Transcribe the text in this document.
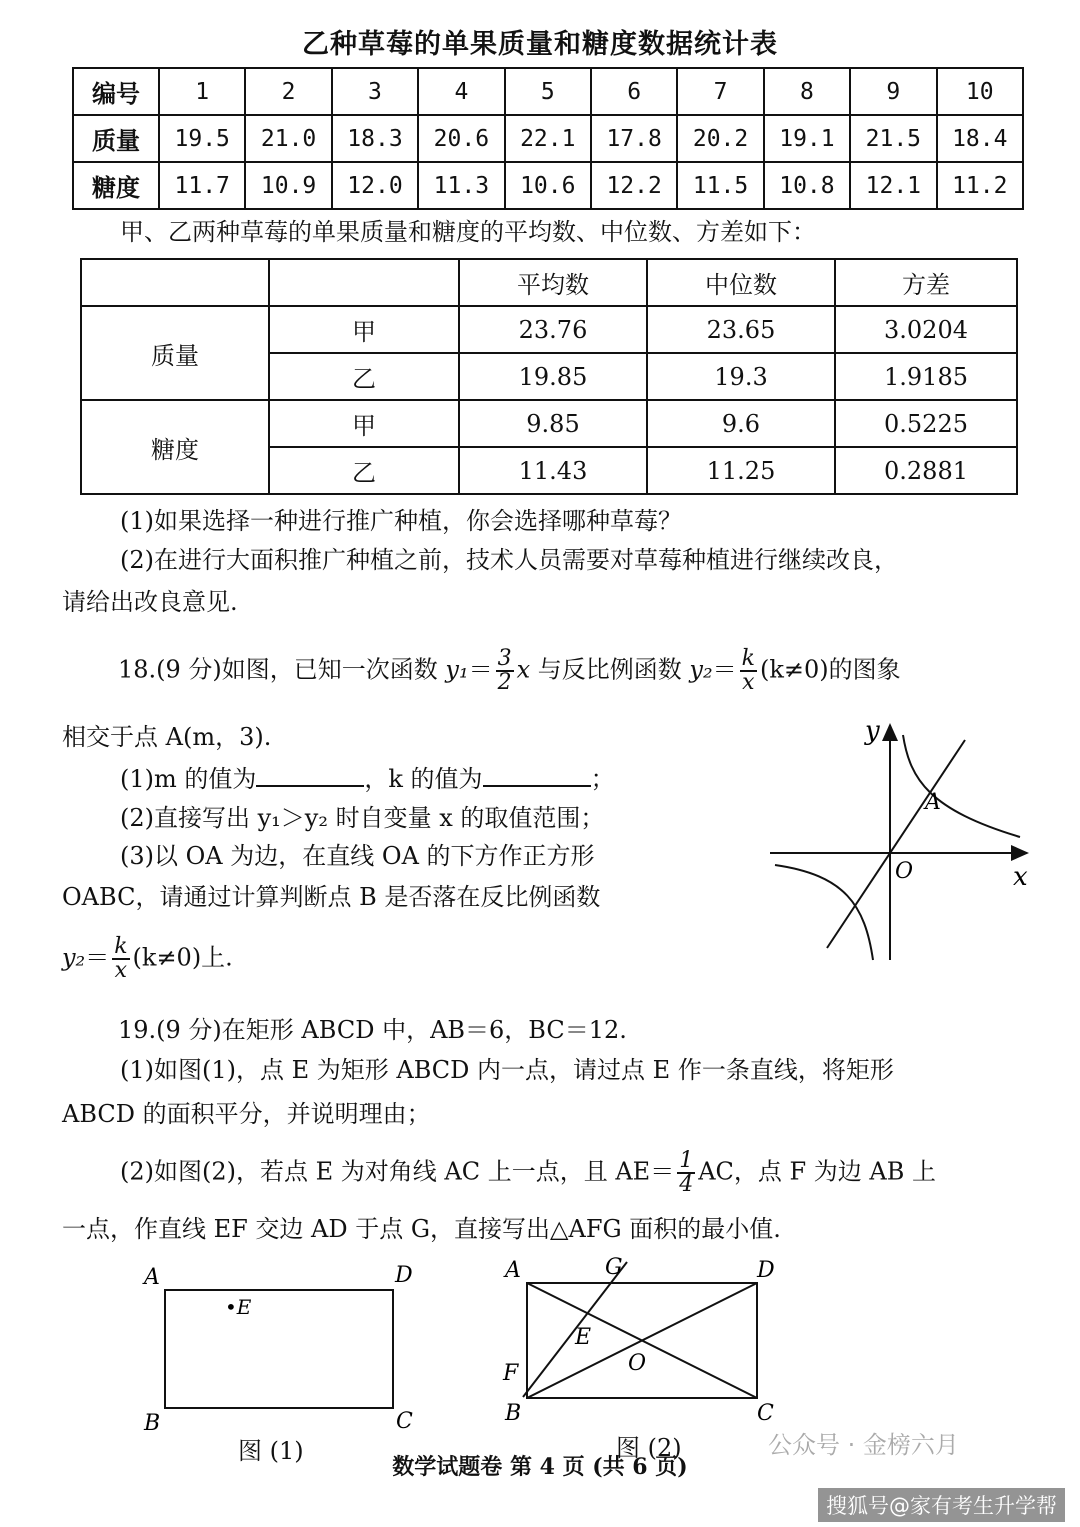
乙种草莓的单果质量和糖度数据统计表
编号	1	2	3	4	5	6	7	8	9	10
质量	19.5	21.0	18.3	20.6	22.1	17.8	20.2	19.1	21.5	18.4
糖度	11.7	10.9	12.0	11.3	10.6	12.2	11.5	10.8	12.1	11.2
甲、乙两种草莓的单果质量和糖度的平均数、中位数、方差如下：
		平均数	中位数	方差
质量	甲	23.76	23.65	3.0204
	乙	19.85	19.3	1.9185
糖度	甲	9.85	9.6	0.5225
	乙	11.43	11.25	0.2881
(1)如果选择一种进行推广种植，你会选择哪种草莓？
(2)在进行大面积推广种植之前，技术人员需要对草莓种植进行继续改良，
请给出改良意见.
18.(9 分)如图，已知一次函数 $y_1= \frac{3}{2}$ x 与反比例函数 $y_2= \frac{k}{x} (k\ne 0)$的图象
相交于点 A(m，3).
(1)m 的值为	，k 的值为	；
(2)直接写出 y₁＞y₂ 时自变量 x 的取值范围；
(3)以 OA 为边，在直线 OA 的下方作正方形
OABC，请通过计算判断点 B 是否落在反比例函数
$y_2= \frac{k}{x} (k\ne 0)$上.
y
x
O
A
19.(9 分)在矩形 ABCD 中，AB＝6，BC＝12.
(1)如图(1)，点 E 为矩形 ABCD 内一点，请过点 E 作一条直线，将矩形
ABCD 的面积平分，并说明理由；
(2)如图(2)，若点 E 为对角线 AC 上一点，且 $AE= \frac{1}{4}$ AC，点 F 为边 AB 上
一点，作直线 EF 交边 AD 于点 G，直接写出△AFG 面积的最小值.
A	D
B	C
•E
图 (1)
A	D
B	C
G
E
F	O
图 (2)	公众号 · 金榜六月
数学试题卷 第 4 页 (共 6 页)
搜狐号@家有考生升学帮
